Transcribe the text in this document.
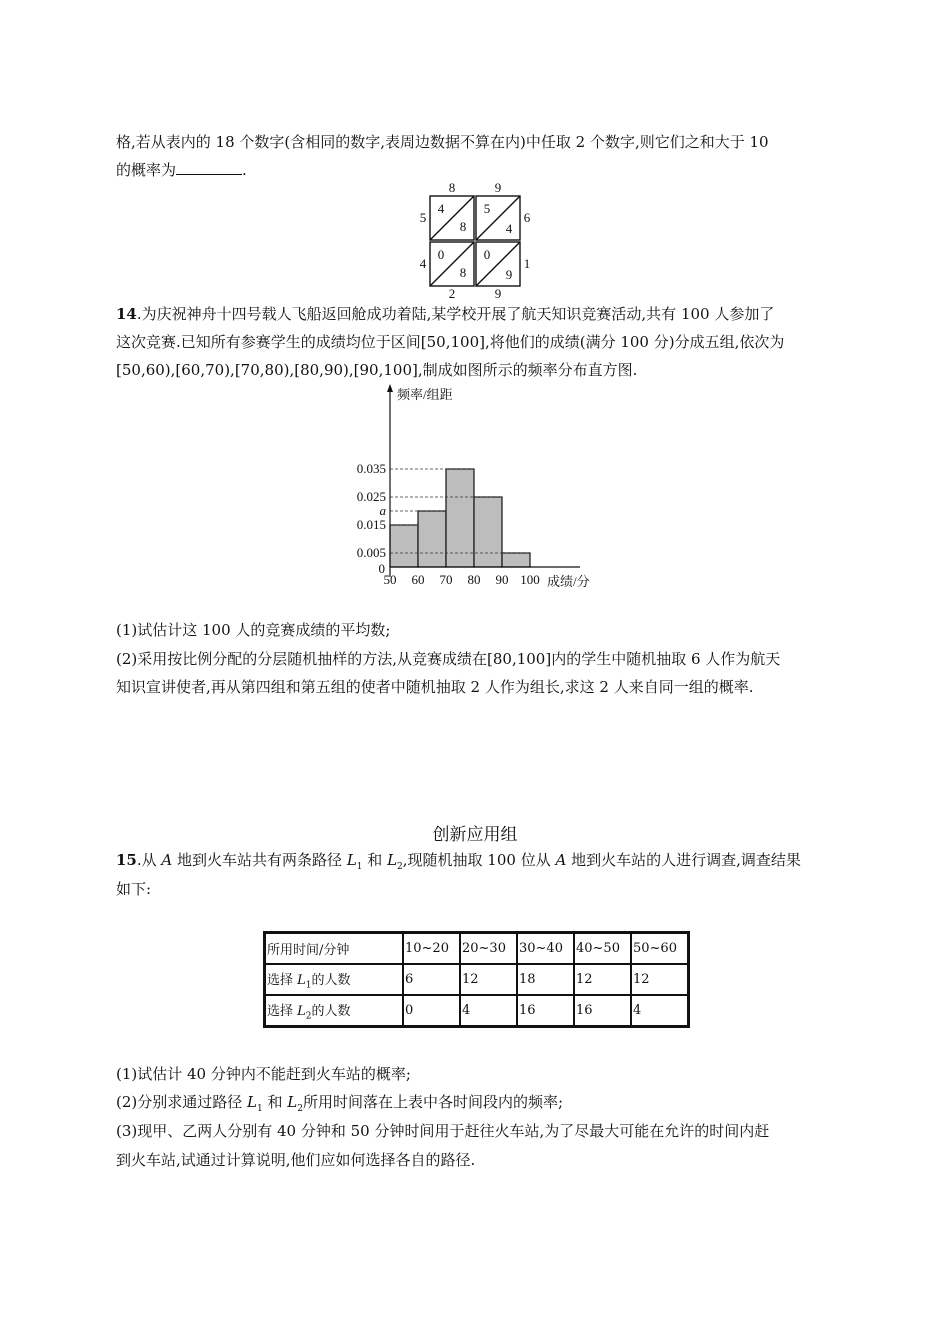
格,若从表内的 18 个数字(含相同的数字,表周边数据不算在内)中任取 2 个数字,则它们之和大于 10
的概率为	.
8	9
2	9
5
4
6
1
4
8
5
4
0
8
0
9
14.为庆祝神舟十四号载人飞船返回舱成功着陆,某学校开展了航天知识竞赛活动,共有 100 人参加了
这次竞赛.已知所有参赛学生的成绩均位于区间[50,100],将他们的成绩(满分 100 分)分成五组,依次为
[50,60),[60,70),[70,80),[80,90),[90,100],制成如图所示的频率分布直方图.
0.035
0.025
a
0.015
0.005
50 60 70 80 90 100
频率/组距
成绩/分
0
(1)试估计这 100 人的竞赛成绩的平均数;
(2)采用按比例分配的分层随机抽样的方法,从竞赛成绩在[80,100]内的学生中随机抽取 6 人作为航天
知识宣讲使者,再从第四组和第五组的使者中随机抽取 2 人作为组长,求这 2 人来自同一组的概率.
创新应用组
15.从 A 地到火车站共有两条路径 $L_1$ 和 $L_2$,现随机抽取 100 位从 A 地到火车站的人进行调查,调查结果
如下:
所用时间/分钟	10~20	20~30	30~40	40~50	50~60
选择 $L_1$的人数	6	12	18	12	12
选择 $L_2$的人数	0	4	16	16	4
(1)试估计 40 分钟内不能赶到火车站的概率;
(2)分别求通过路径 $L_1$ 和 $L_2$所用时间落在上表中各时间段内的频率;
(3)现甲、乙两人分别有 40 分钟和 50 分钟时间用于赶往火车站,为了尽最大可能在允许的时间内赶
到火车站,试通过计算说明,他们应如何选择各自的路径.
